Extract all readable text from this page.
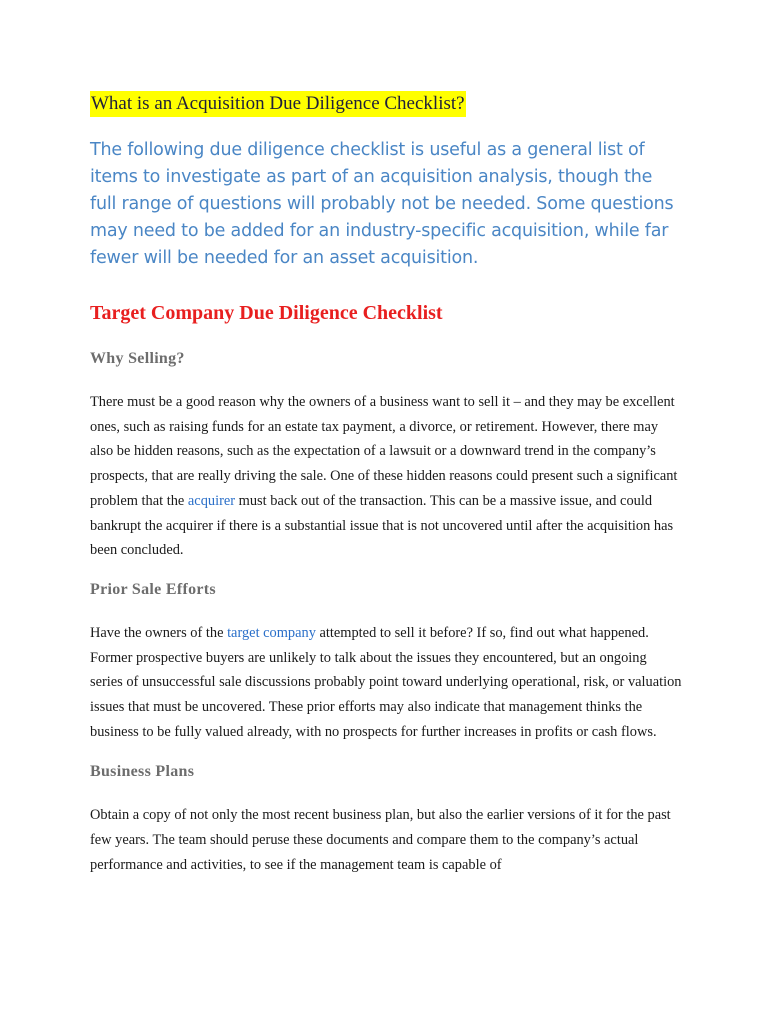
What is an Acquisition Due Diligence Checklist?

The following due diligence checklist is useful as a general list of items to investigate as part of an acquisition analysis, though the full range of questions will probably not be needed. Some questions may need to be added for an industry-specific acquisition, while far fewer will be needed for an asset acquisition.

Target Company Due Diligence Checklist
Why Selling?

There must be a good reason why the owners of a business want to sell it – and they may be excellent ones, such as raising funds for an estate tax payment, a divorce, or retirement. However, there may also be hidden reasons, such as the expectation of a lawsuit or a downward trend in the company’s prospects, that are really driving the sale. One of these hidden reasons could present such a significant problem that the acquirer must back out of the transaction. This can be a massive issue, and could bankrupt the acquirer if there is a substantial issue that is not uncovered until after the acquisition has been concluded.

Prior Sale Efforts

Have the owners of the target company attempted to sell it before? If so, find out what happened. Former prospective buyers are unlikely to talk about the issues they encountered, but an ongoing series of unsuccessful sale discussions probably point toward underlying operational, risk, or valuation issues that must be uncovered. These prior efforts may also indicate that management thinks the business to be fully valued already, with no prospects for further increases in profits or cash flows.

Business Plans

Obtain a copy of not only the most recent business plan, but also the earlier versions of it for the past few years. The team should peruse these documents and compare them to the company’s actual performance and activities, to see if the management team is capable of
